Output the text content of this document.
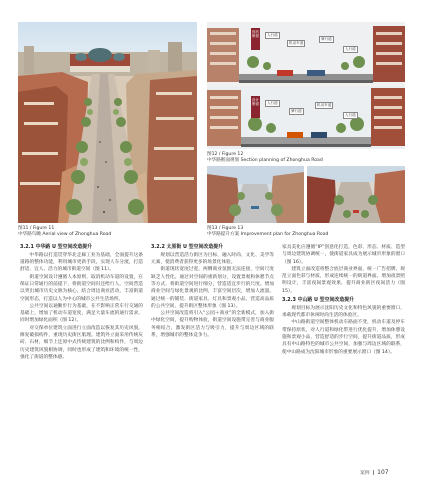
图11 / Figure 11
中华路鸟瞰 Aerial view of Zhonghua Road
现状断面
设计断面
人行道
机动车道
骑行道
人行道
人行道
骑行道
机动车道
人行道
图12 / Figure 12
中华路断面规划 Section planning of Zhonghua Road
图13 / Figure 13
中华路提升方案 Improvement plan for Zhonghua Road
3.2.1 中华路 U 型空间改造提升

中华路以打造贯穿华北走廊工业为基础，全面提升这条道路的整体功能，利用城市更新手段，实现人车分流，打造舒适、宜人、活力的城市街道空间（图 11）。

街道空间设计遵循人本原则，取消机动车道的设置，在保证日常通行的前提下，将街道空间归还给行人。空间营造以突出城市历史文脉为核心，结合周边商业活动，丰富街道空间形态，打造以人为中心的城市公共生活场所。

公共空间以通勤步行为基础，在不影响正常车行交通的基础上，增加了机动车道宽度，满足大量车流的通行需求，同时增加绿化面积（图 12）。

对交保单位建筑立面进行立面改造以恢复其历史风貌，修复破损构件，重现历史街区肌理。建筑外立面采用传统灰砖、石材，细节上还原中式传统建筑的比例和构件，与周边历史建筑风貌相协调，同时也形成了建筑和环境的统一性，强化了街道的整体感。

3.2.2 太原街 U 型空间改造提升

规划以营造活力街区为目标，融入时尚、文化、美学等元素，使消费者获得更多的场景化体验。

街道现状宽度过宽，两侧商业氛围无法连接，空间尺度缺乏人性化。通过对空间的重新划分，设置景观和休憩节点等方式，将街道空间进行细分，营造适宜步行的尺度。增加商业空间与绿化景观的比例，丰富空间层次，增加人流量。通过统一的铺装、街道家具、灯具和景观小品，营造高品质的公共空间，提升街区整体形象（图 13）。

公共空间改造将引入“公园＋商业”的全新模式，加入街中绿化空间，提升购物体验，街道空间设施带完善与商业服务相结合，激发街区活力与吸引力，提升与周边区域的联系，增强城市的整体竞争力。

家具美化应遵循“IP”创意化打造，色彩、形态、材质、造型与周边建筑协调统一，使街道家具成为展示城市形象的窗口（图 16）。

建筑立面改造将整合底层商业界面，统一广告招牌，规范立面色彩与材质，形成连续统一的街道界面。增加夜景照明设计，丰富夜间景观效果，提升商业街区夜间活力（图 15）。

3.2.3 中山路 U 型空间改造提升

规划目标为展示沈阳历史文化和特色风貌的重要窗口，承载现代都市休闲时尚生活的体验区。

中山路街道空间整体机动车路面不变，机动车道及停车带保持原状，对人行道和绿化带进行优化提升，增加休憩设施和景观小品，营造舒适的步行空间，提升街道品质，形成具有中山路特色的城市公共空间，加强与周边区域的联系，使中山路成为沈阳城市形象的重要展示窗口（图 14）。

案例 107
